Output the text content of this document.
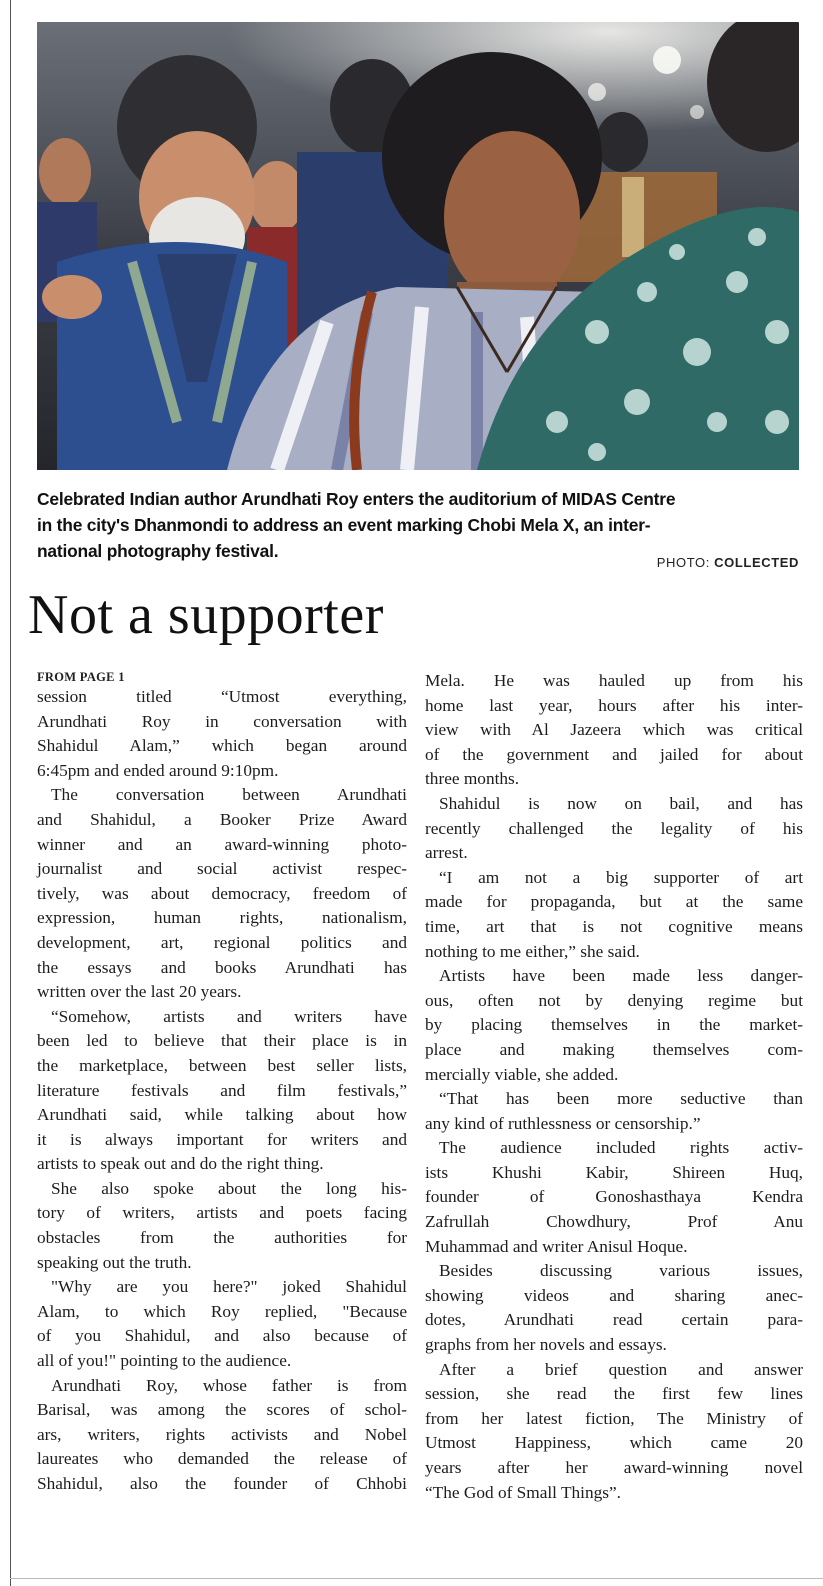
Celebrated Indian author Arundhati Roy enters the auditorium of MIDAS Centre
in the city's Dhanmondi to address an event marking Chobi Mela X, an inter-
national photography festival.
PHOTO: COLLECTED
Not a supporter
FROM PAGE 1
session titled “Utmost everything,
Arundhati Roy in conversation with
Shahidul Alam,” which began around
6:45pm and ended around 9:10pm.
The conversation between Arundhati
and Shahidul, a Booker Prize Award
winner and an award-winning photo-
journalist and social activist respec-
tively, was about democracy, freedom of
expression, human rights, nationalism,
development, art, regional politics and
the essays and books Arundhati has
written over the last 20 years.
“Somehow, artists and writers have
been led to believe that their place is in
the marketplace, between best seller lists,
literature festivals and film festivals,”
Arundhati said, while talking about how
it is always important for writers and
artists to speak out and do the right thing.
She also spoke about the long his-
tory of writers, artists and poets facing
obstacles from the authorities for
speaking out the truth.
"Why are you here?" joked Shahidul
Alam, to which Roy replied, "Because
of you Shahidul, and also because of
all of you!" pointing to the audience.
Arundhati Roy, whose father is from
Barisal, was among the scores of schol-
ars, writers, rights activists and Nobel
laureates who demanded the release of
Shahidul, also the founder of Chhobi
Mela. He was hauled up from his
home last year, hours after his inter-
view with Al Jazeera which was critical
of the government and jailed for about
three months.
Shahidul is now on bail, and has
recently challenged the legality of his
arrest.
“I am not a big supporter of art
made for propaganda, but at the same
time, art that is not cognitive means
nothing to me either,” she said.
Artists have been made less danger-
ous, often not by denying regime but
by placing themselves in the market-
place and making themselves com-
mercially viable, she added.
“That has been more seductive than
any kind of ruthlessness or censorship.”
The audience included rights activ-
ists Khushi Kabir, Shireen Huq,
founder of Gonoshasthaya Kendra
Zafrullah Chowdhury, Prof Anu
Muhammad and writer Anisul Hoque.
Besides discussing various issues,
showing videos and sharing anec-
dotes, Arundhati read certain para-
graphs from her novels and essays.
After a brief question and answer
session, she read the first few lines
from her latest fiction, The Ministry of
Utmost Happiness, which came 20
years after her award-winning novel
“The God of Small Things”.
